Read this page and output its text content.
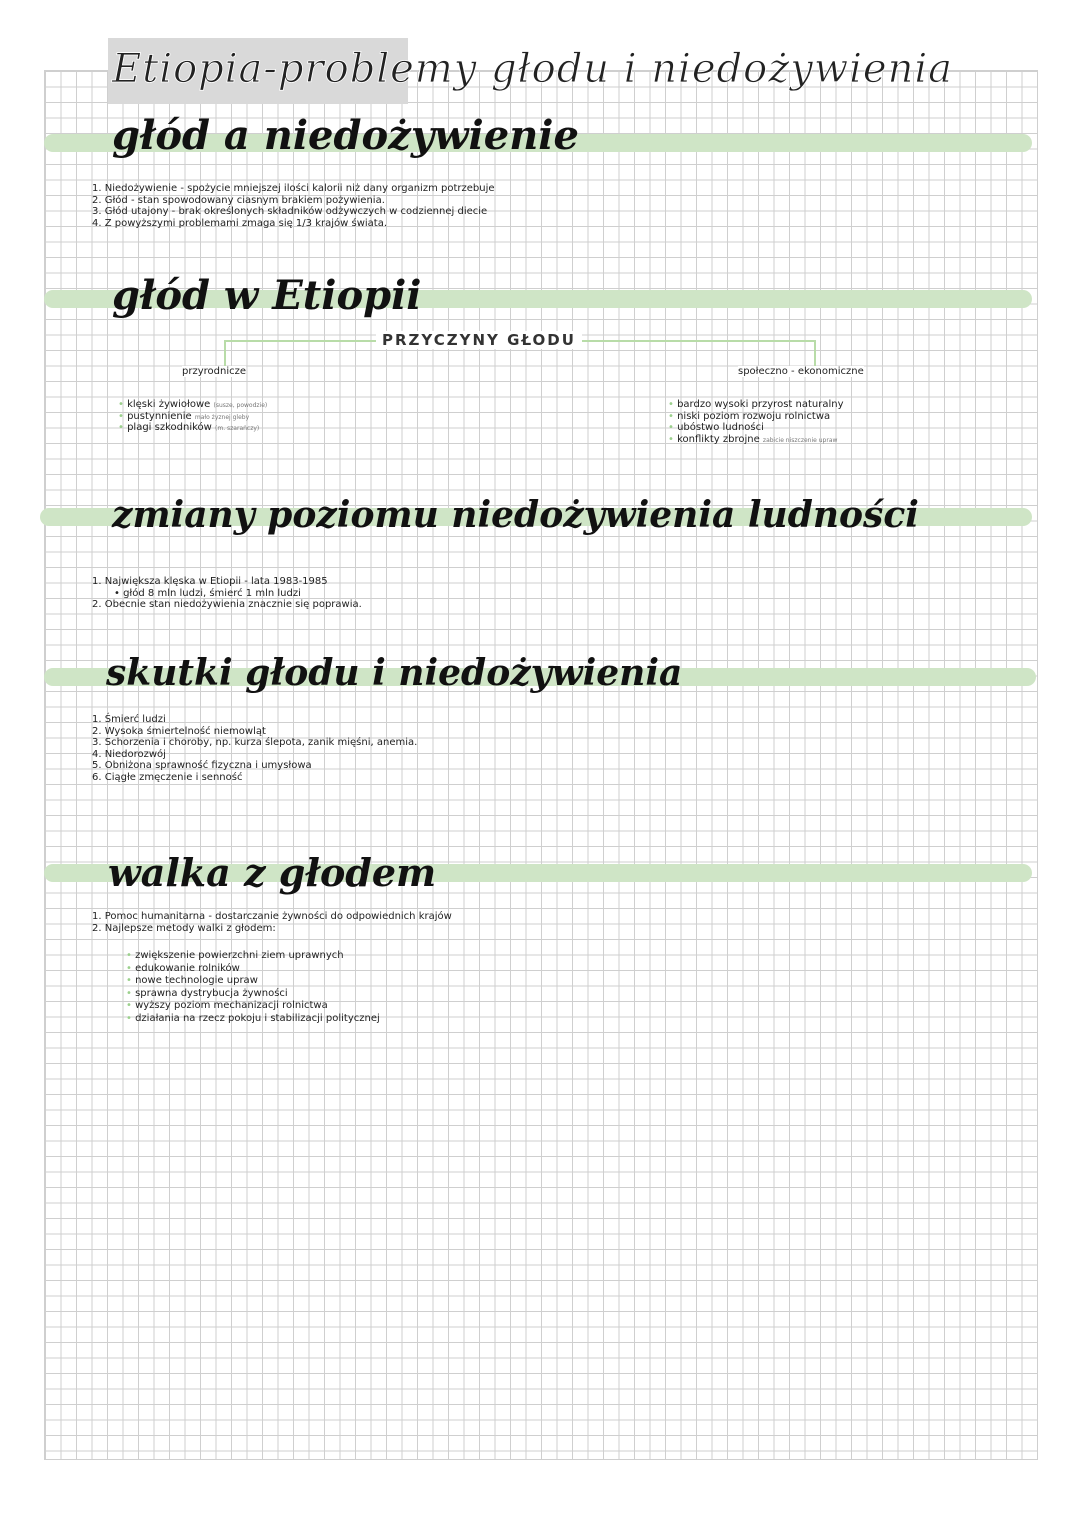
Etiopia-problemy głodu i niedożywienia
głód a niedożywienie
1. Niedożywienie - spożycie mniejszej ilości kalorii niż dany organizm potrzebuje
2. Głód - stan spowodowany ciasnym brakiem pożywienia.
3. Głód utajony - brak określonych składników odżywczych w codziennej diecie
4. Z powyższymi problemami zmaga się 1/3 krajów świata.
głód w Etiopii
PRZYCZYNY GŁODU
przyrodnicze	społeczno - ekonomiczne
• klęski żywiołowe (susze, powodzie)
• pustynnienie mało żyznej gleby
• plagi szkodników (m. szarańczy)
• bardzo wysoki przyrost naturalny
• niski poziom rozwoju rolnictwa
• ubóstwo ludności
• konflikty zbrojne zabicie niszczenie upraw
zmiany poziomu niedożywienia ludności
1. Największa klęska w Etiopii - lata 1983-1985
• głód 8 mln ludzi, śmierć 1 mln ludzi
2. Obecnie stan niedożywienia znacznie się poprawia.
skutki głodu i niedożywienia
1. Śmierć ludzi
2. Wysoka śmiertelność niemowląt
3. Schorzenia i choroby, np. kurza ślepota, zanik mięśni, anemia.
4. Niedorozwój
5. Obniżona sprawność fizyczna i umysłowa
6. Ciągłe zmęczenie i senność
walka z głodem
1. Pomoc humanitarna - dostarczanie żywności do odpowiednich krajów
2. Najlepsze metody walki z głodem:
• zwiększenie powierzchni ziem uprawnych
• edukowanie rolników
• nowe technologie upraw
• sprawna dystrybucja żywności
• wyższy poziom mechanizacji rolnictwa
• działania na rzecz pokoju i stabilizacji politycznej
